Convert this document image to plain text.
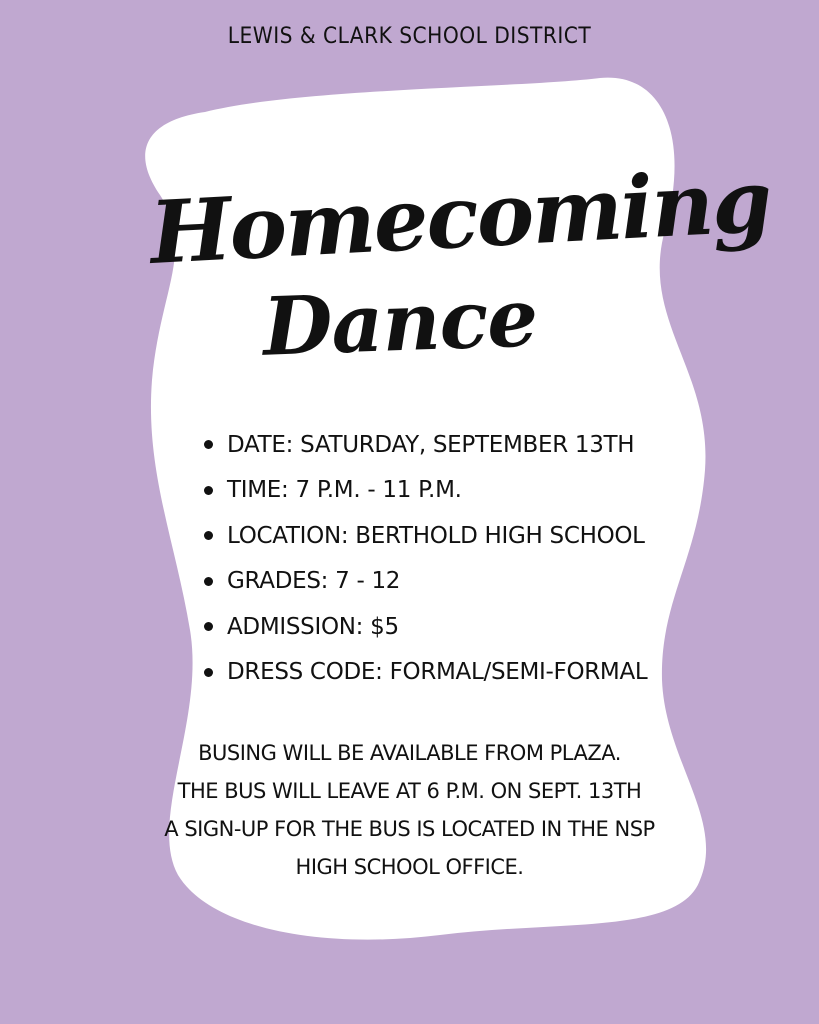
LEWIS & CLARK SCHOOL DISTRICT
Homecoming
Dance
DATE: SATURDAY, SEPTEMBER 13TH
TIME: 7 P.M. - 11 P.M.
LOCATION: BERTHOLD HIGH SCHOOL
GRADES: 7 - 12
ADMISSION: $5
DRESS CODE: FORMAL/SEMI-FORMAL
BUSING WILL BE AVAILABLE FROM PLAZA.
THE BUS WILL LEAVE AT 6 P.M. ON SEPT. 13TH
A SIGN-UP FOR THE BUS IS LOCATED IN THE NSP
HIGH SCHOOL OFFICE.
